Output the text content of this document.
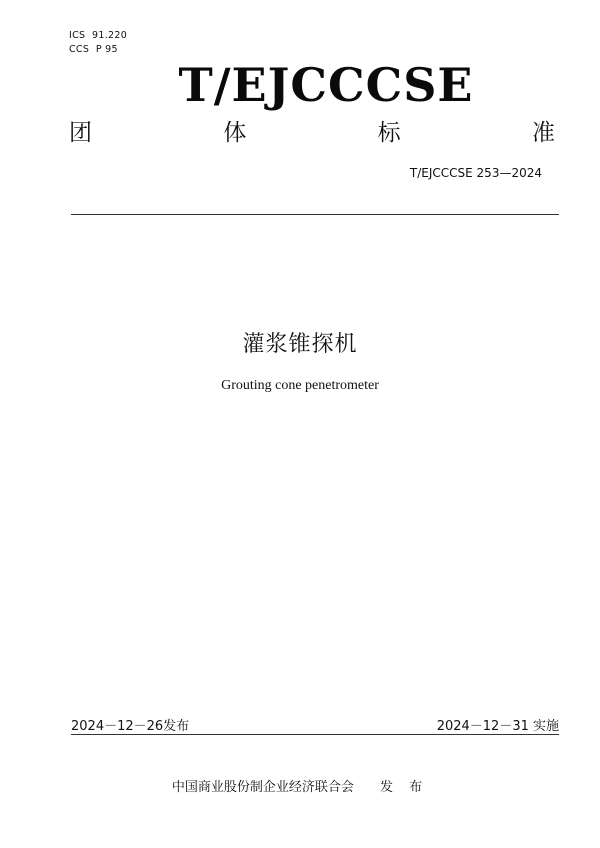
ICS  91.220
CCS  P 95
T/EJCCCSE
团	体	标	准
T/EJCCCSE 253—2024
灌浆锥探机
Grouting cone penetrometer
2024－12－26发布	2024－12－31 实施
中国商业股份制企业经济联合会 发 布
